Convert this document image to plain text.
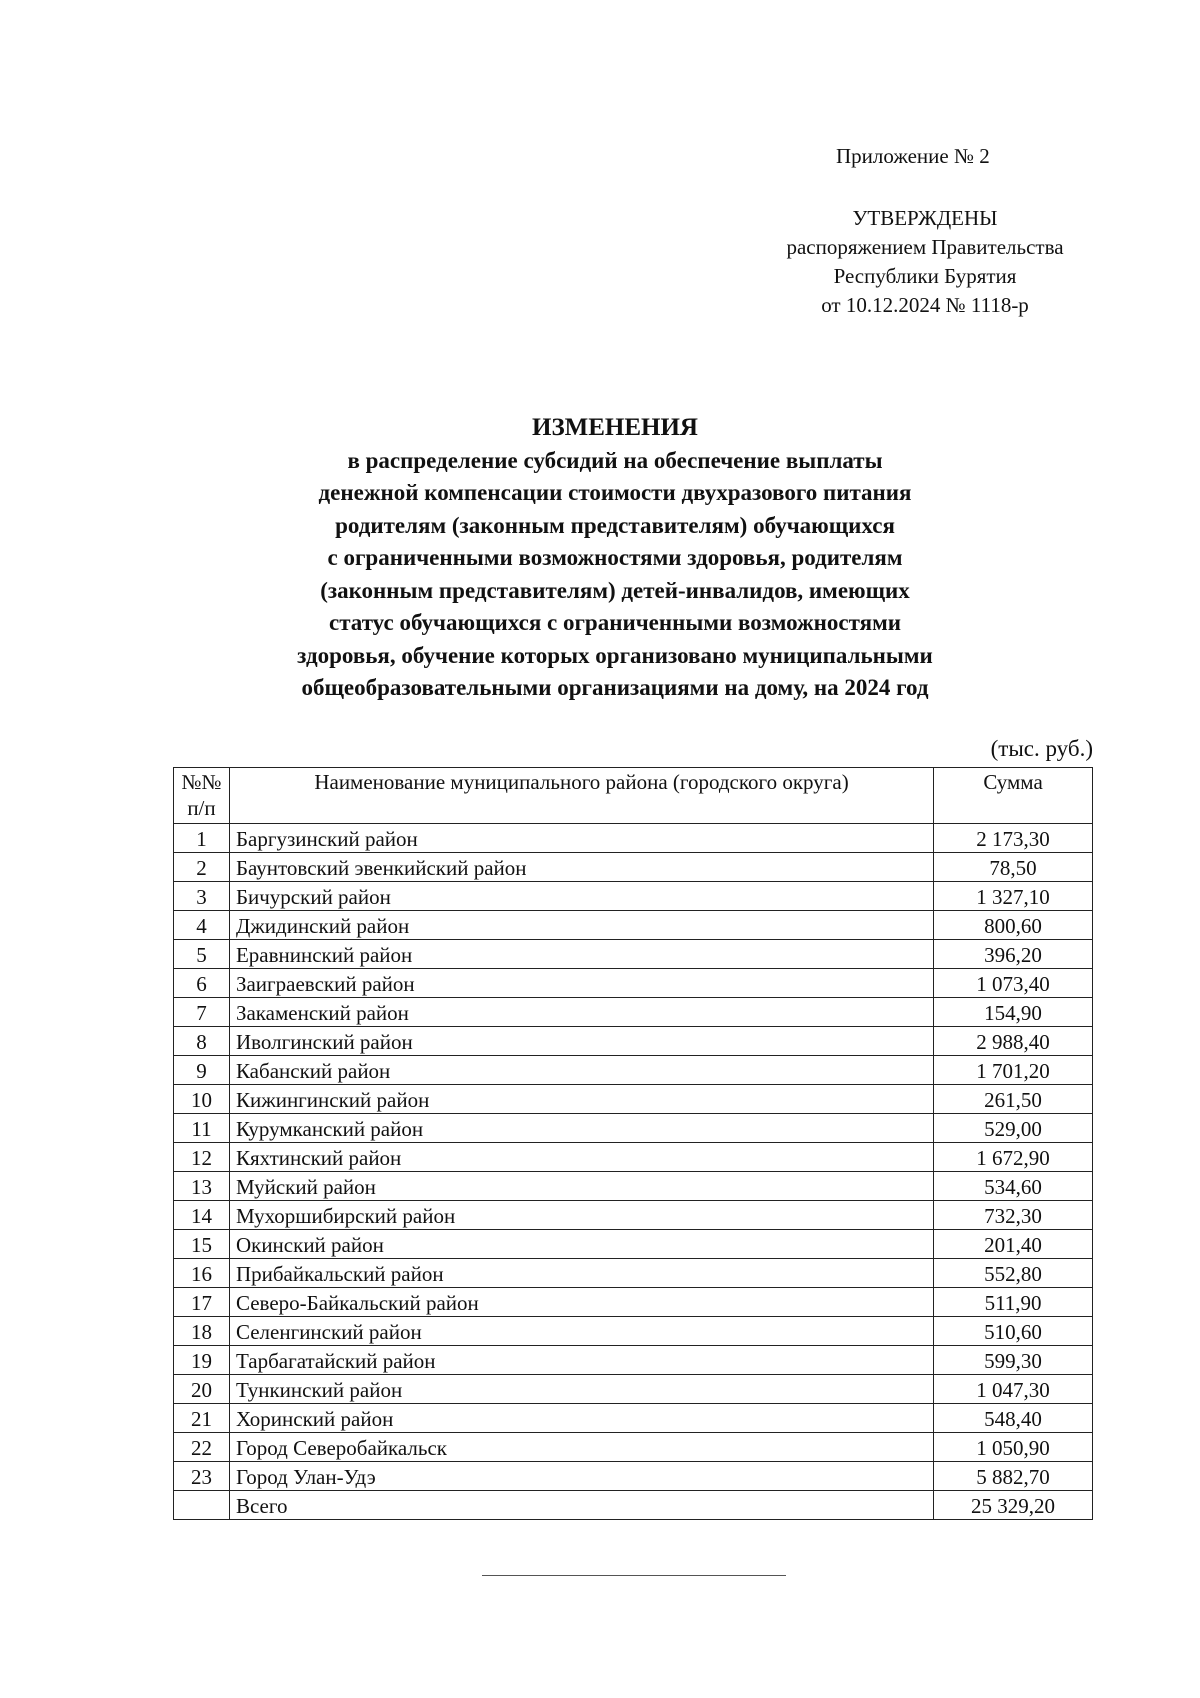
Приложение № 2
УТВЕРЖДЕНЫ
распоряжением Правительства
Республики Бурятия
от 10.12.2024 № 1118-р
ИЗМЕНЕНИЯ
в распределение субсидий на обеспечение выплаты
денежной компенсации стоимости двухразового питания
родителям (законным представителям) обучающихся
с ограниченными возможностями здоровья, родителям
(законным представителям) детей-инвалидов, имеющих
статус обучающихся с ограниченными возможностями
здоровья, обучение которых организовано муниципальными
общеобразовательными организациями на дому, на 2024 год
(тыс. руб.)
№№
п/п	Наименование муниципального района (городского округа)	Сумма
1	Баргузинский район	2 173,30
2	Баунтовский эвенкийский район	78,50
3	Бичурский район	1 327,10
4	Джидинский район	800,60
5	Еравнинский район	396,20
6	Заиграевский район	1 073,40
7	Закаменский район	154,90
8	Иволгинский район	2 988,40
9	Кабанский район	1 701,20
10	Кижингинский район	261,50
11	Курумканский район	529,00
12	Кяхтинский район	1 672,90
13	Муйский район	534,60
14	Мухоршибирский район	732,30
15	Окинский район	201,40
16	Прибайкальский район	552,80
17	Северо-Байкальский район	511,90
18	Селенгинский район	510,60
19	Тарбагатайский район	599,30
20	Тункинский район	1 047,30
21	Хоринский район	548,40
22	Город Северобайкальск	1 050,90
23	Город Улан-Удэ	5 882,70
	Всего	25 329,20
